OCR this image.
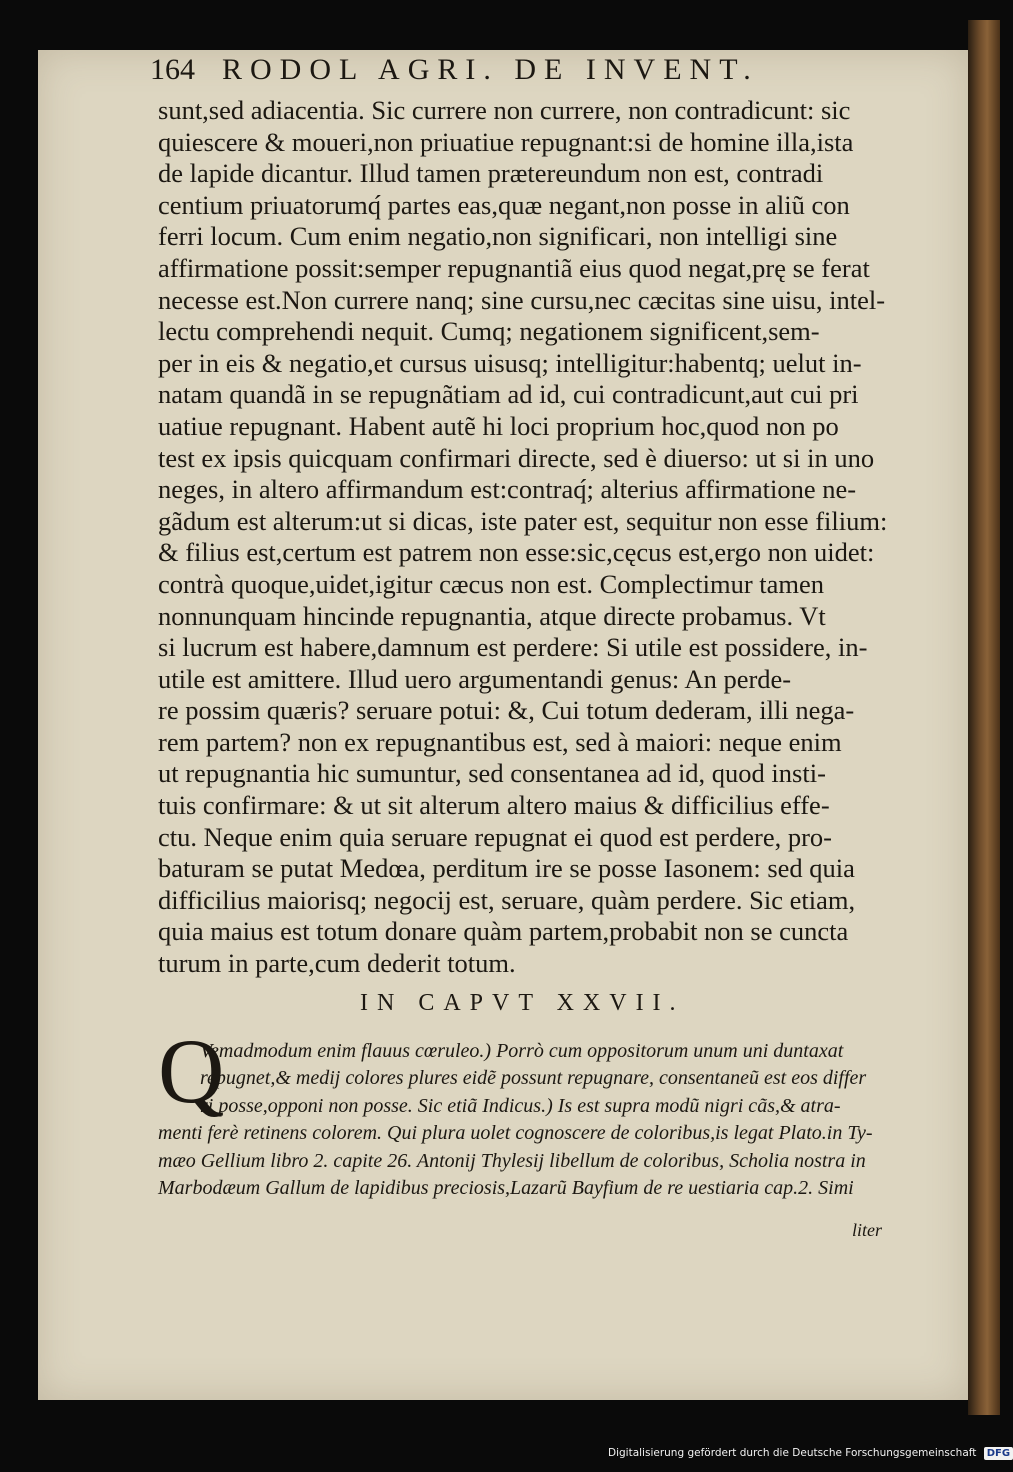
164 RODOL AGRI. DE INVENT.
sunt,sed adiacentia. Sic currere non currere, non contradicunt: sic
quiescere & moueri,non priuatiue repugnant:si de homine illa,ista
de lapide dicantur. Illud tamen prætereundum non est, contradi
centium priuatorumq́ partes eas,quæ negant,non posse in aliũ con
ferri locum. Cum enim negatio,non significari, non intelligi sine
affirmatione possit:semper repugnantiã eius quod negat,prę se ferat
necesse est.Non currere nanq; sine cursu,nec cæcitas sine uisu, intel-
lectu comprehendi nequit. Cumq; negationem significent,sem-
per in eis & negatio,et cursus uisusq; intelligitur:habentq; uelut in-
natam quandã in se repugnãtiam ad id, cui contradicunt,aut cui pri
uatiue repugnant. Habent autẽ hi loci proprium hoc,quod non po
test ex ipsis quicquam confirmari directe, sed è diuerso: ut si in uno
neges, in altero affirmandum est:contraq́; alterius affirmatione ne-
gãdum est alterum:ut si dicas, iste pater est, sequitur non esse filium:
& filius est,certum est patrem non esse:sic,cęcus est,ergo non uidet:
contrà quoque,uidet,igitur cæcus non est. Complectimur tamen
nonnunquam hincinde repugnantia, atque directe probamus. Vt
si lucrum est habere,damnum est perdere: Si utile est possidere, in-
utile est amittere. Illud uero argumentandi genus: An perde-
re possim quæris? seruare potui: &, Cui totum dederam, illi nega-
rem partem? non ex repugnantibus est, sed à maiori: neque enim
ut repugnantia hic sumuntur, sed consentanea ad id, quod insti-
tuis confirmare: & ut sit alterum altero maius & difficilius effe-
ctu. Neque enim quia seruare repugnat ei quod est perdere, pro-
baturam se putat Medœa, perditum ire se posse Iasonem: sed quia
difficilius maiorisq; negocij est, seruare, quàm perdere. Sic etiam,
quia maius est totum donare quàm partem,probabit non se cuncta
turum in parte,cum dederit totum.
IN CAPVT XXVII.
Q
Vemadmodum enim flauus cœruleo.) Porrò cum oppositorum unum uni duntaxat
repugnet,& medij colores plures eidẽ possunt repugnare, consentaneũ est eos differ
ri posse,opponi non posse. Sic etiã Indicus.) Is est supra modũ nigri cãs,& atra-
menti ferè retinens colorem. Qui plura uolet cognoscere de coloribus,is legat Plato.in Ty-
mæo Gellium libro 2. capite 26. Antonij Thylesij libellum de coloribus, Scholia nostra in
Marbodæum Gallum de lapidibus preciosis,Lazarũ Bayfium de re uestiaria cap.2. Simi
liter
Digitalisierung gefördert durch die Deutsche Forschungsgemeinschaft DFG
